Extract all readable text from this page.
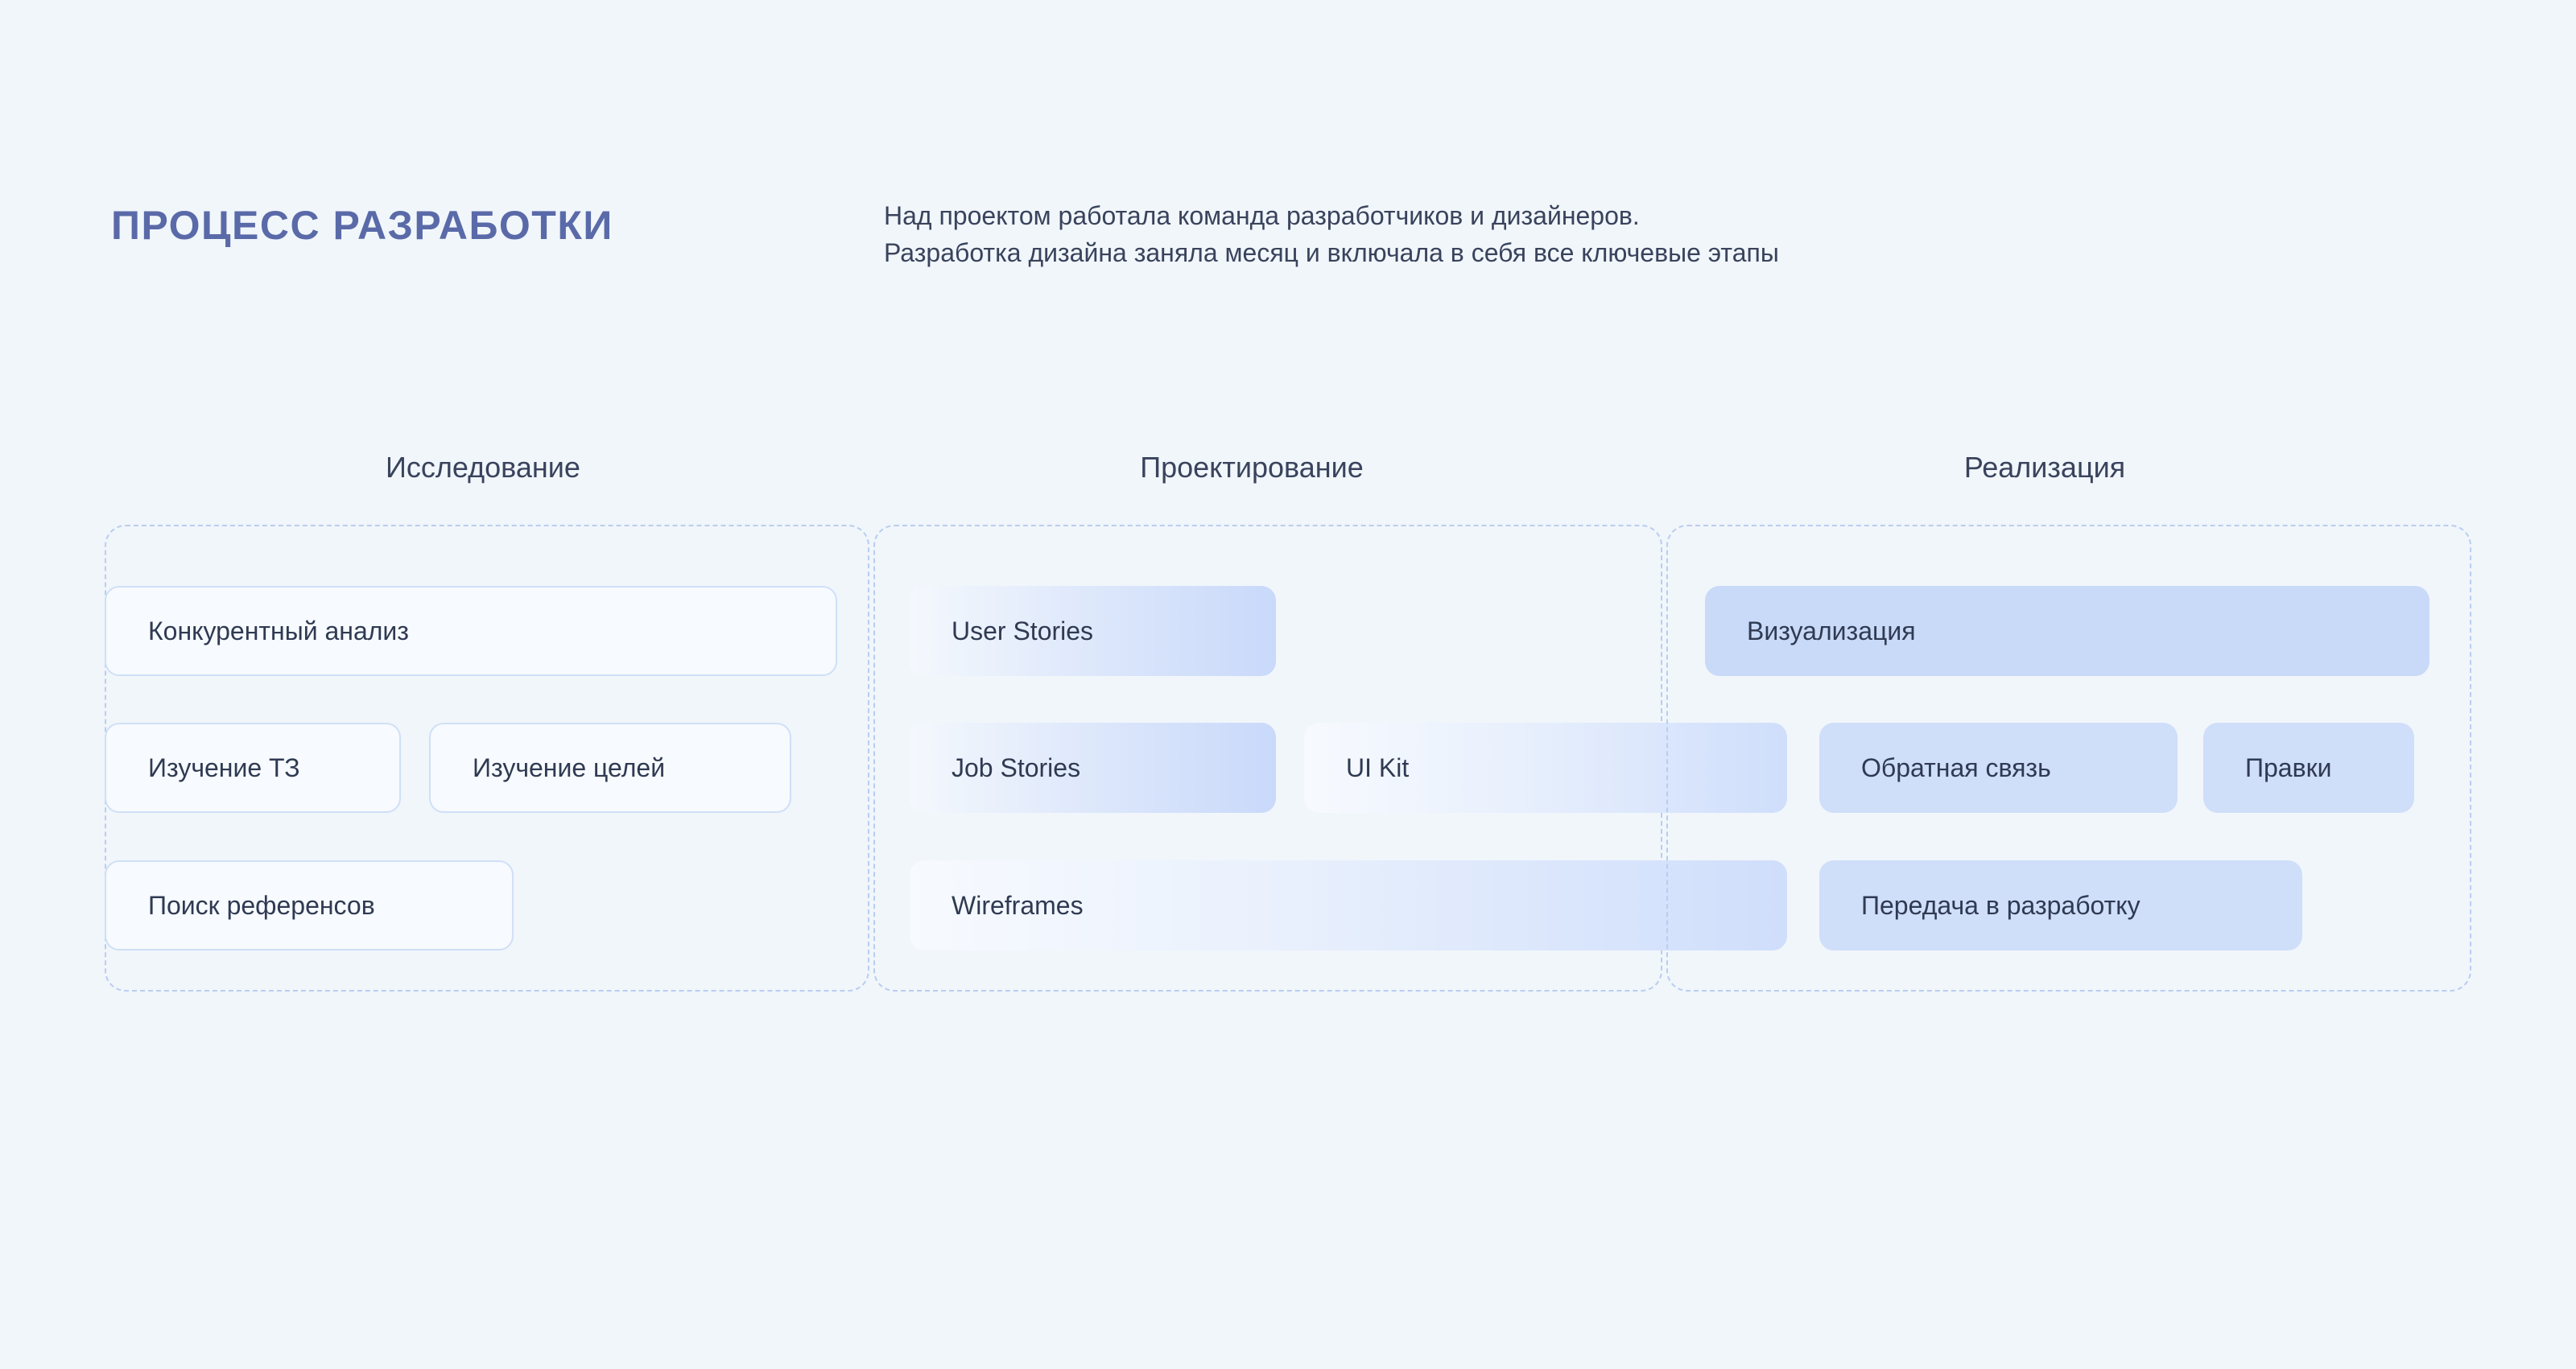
ПРОЦЕСС РАЗРАБОТКИ	Над проектом работала команда разработчиков и дизайнеров.
Разработка дизайна заняла месяц и включала в себя все ключевые этапы
Исследование
Конкурентный анализ
Изучение ТЗ	Изучение целей
Поиск референсов
Проектирование
User Stories
Job Stories	UI Kit
Wireframes
Реализация
Визуализация
Обратная связь	Правки
Передача в разработку
